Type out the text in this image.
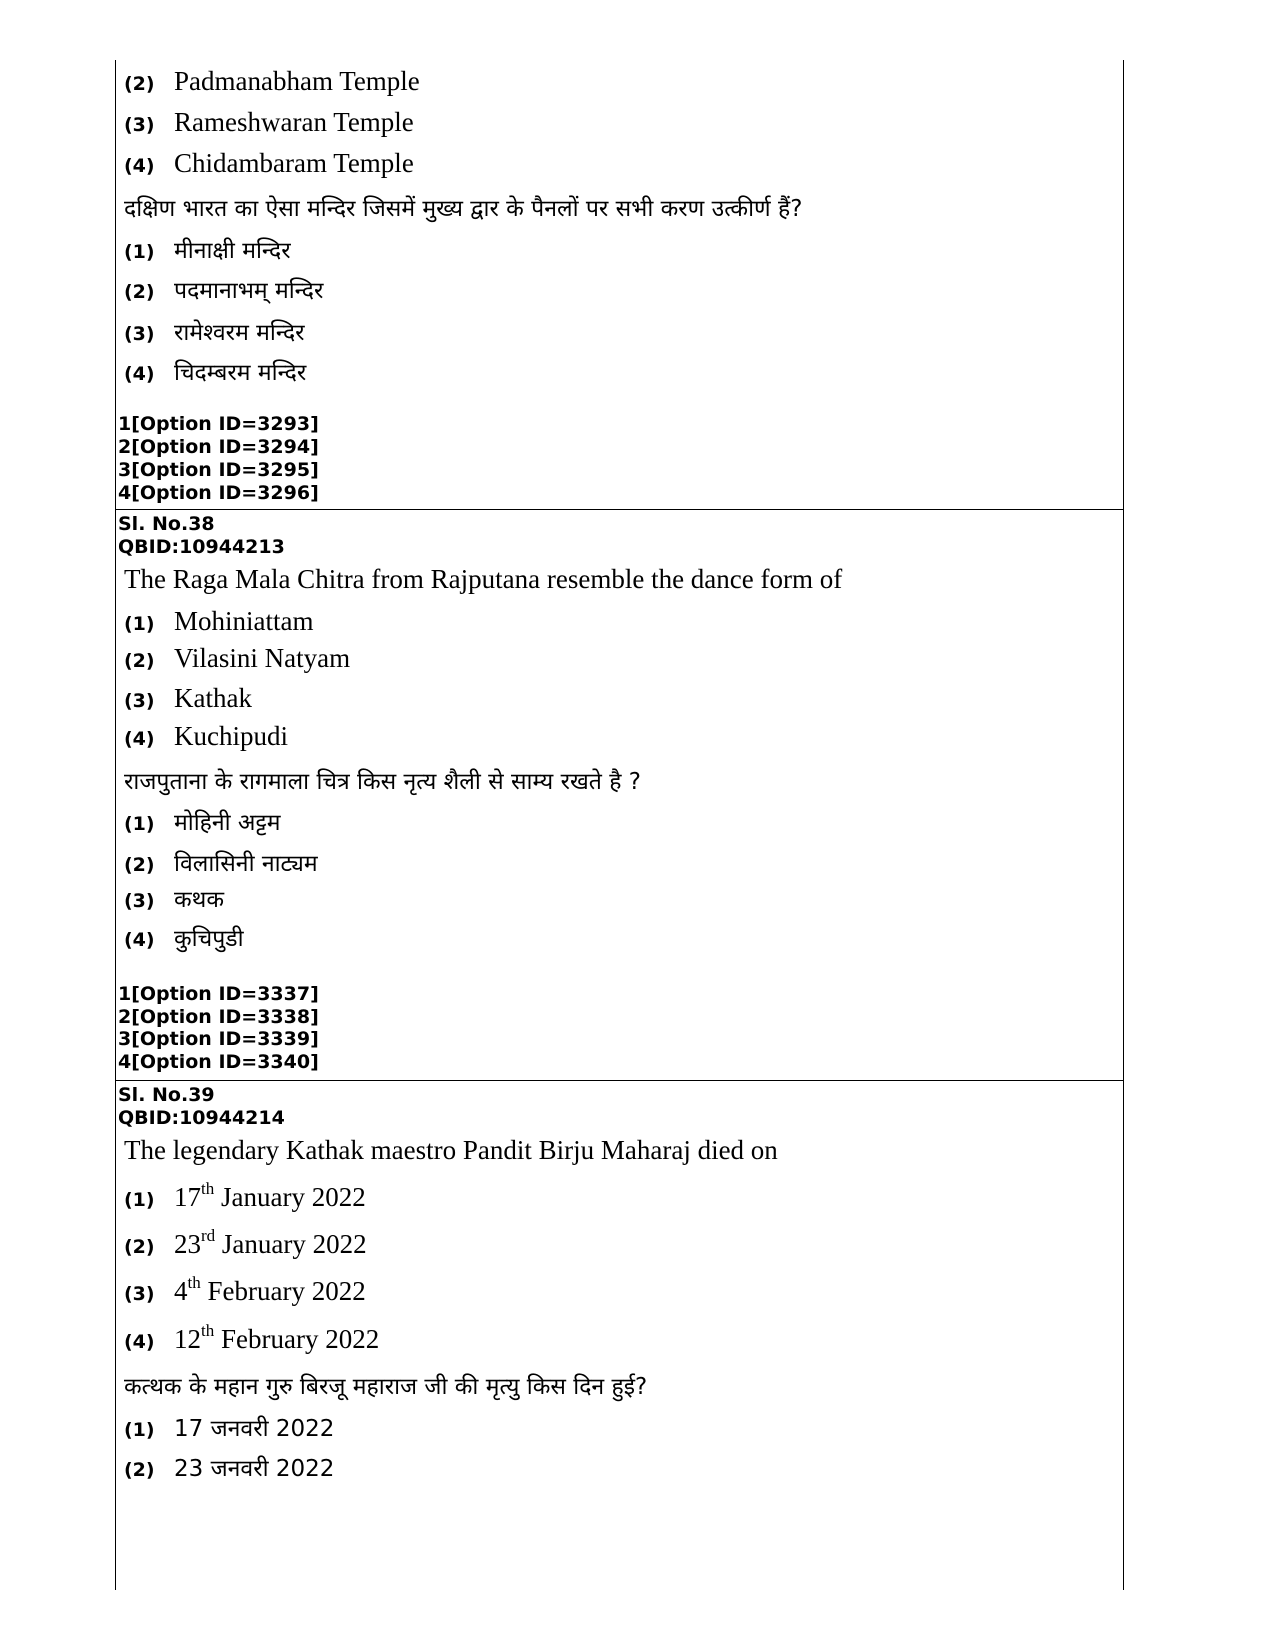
(2) Padmanabham Temple
(3) Rameshwaran Temple
(4) Chidambaram Temple
दक्षिण भारत का ऐसा मन्दिर जिसमें मुख्य द्वार के पैनलों पर सभी करण उत्कीर्ण हैं?
(1) मीनाक्षी मन्दिर
(2) पदमानाभम् मन्दिर
(3) रामेश्वरम मन्दिर
(4) चिदम्बरम मन्दिर
1[Option ID=3293]
2[Option ID=3294]
3[Option ID=3295]
4[Option ID=3296]
Sl. No.38
QBID:10944213
The Raga Mala Chitra from Rajputana resemble the dance form of
(1) Mohiniattam
(2) Vilasini Natyam
(3) Kathak
(4) Kuchipudi
राजपुताना के रागमाला चित्र किस नृत्य शैली से साम्य रखते है ?
(1) मोहिनी अट्टम
(2) विलासिनी नाट्यम
(3) कथक
(4) कुचिपुडी
1[Option ID=3337]
2[Option ID=3338]
3[Option ID=3339]
4[Option ID=3340]
Sl. No.39
QBID:10944214
The legendary Kathak maestro Pandit Birju Maharaj died on
(1) 17th January 2022
(2) 23rd January 2022
(3) 4th February 2022
(4) 12th February 2022
कत्थक के महान गुरु बिरजू महाराज जी की मृत्यु किस दिन हुई?
(1) 17 जनवरी 2022
(2) 23 जनवरी 2022
